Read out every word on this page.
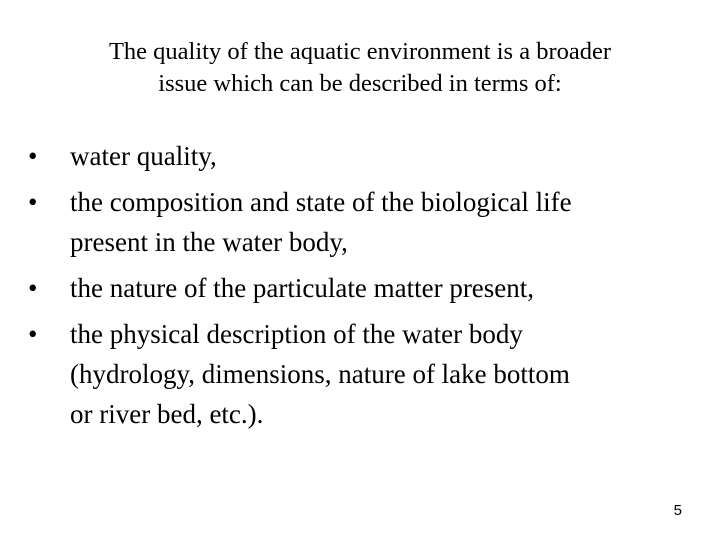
The quality of the aquatic environment is a broader
issue which can be described in terms of:
•	water quality,
•	the composition and state of the biological life
present in the water body,
•	the nature of the particulate matter present,
•	the physical description of the water body
(hydrology, dimensions, nature of lake bottom
or river bed, etc.).
5
